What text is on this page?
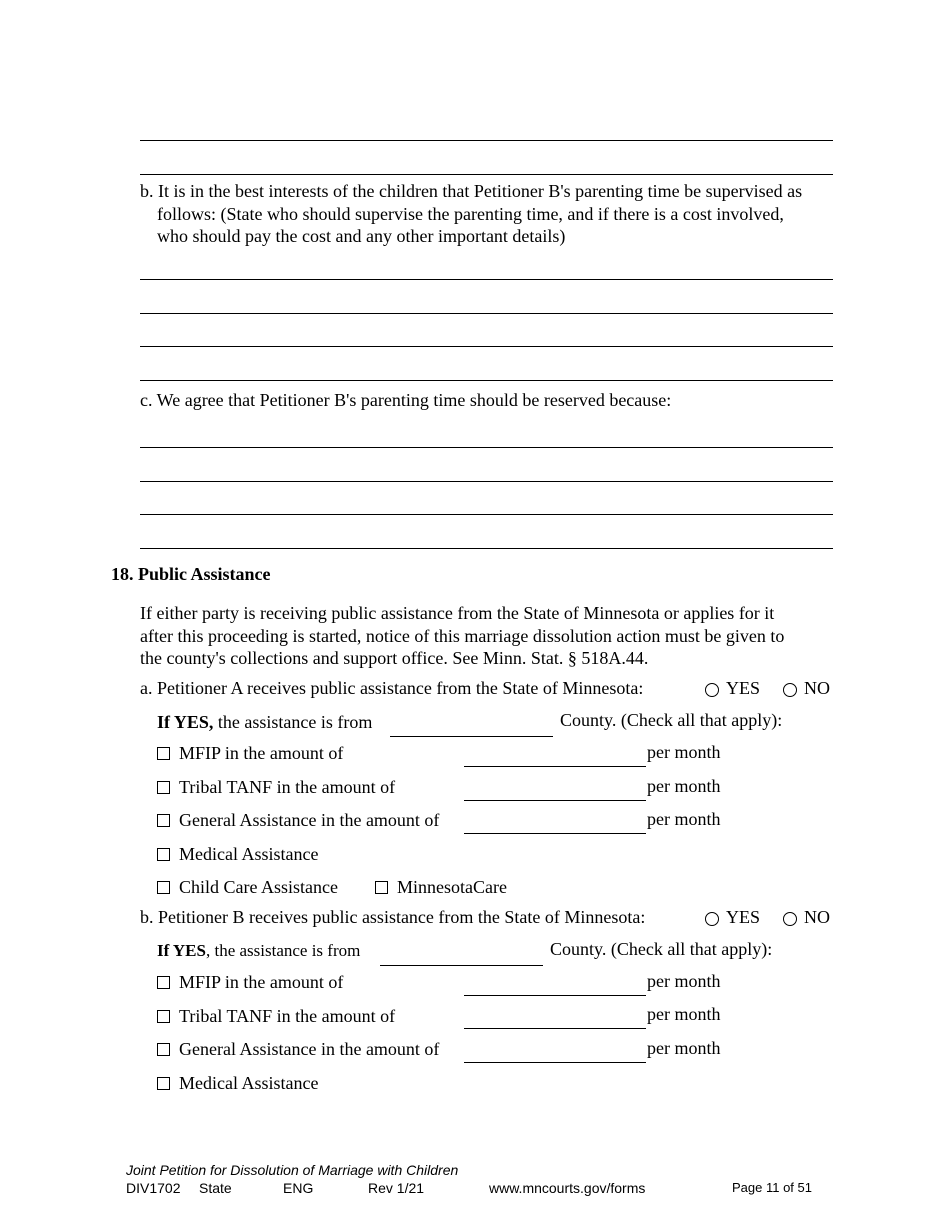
b. It is in the best interests of the children that Petitioner B's parenting time be supervised as
follows: (State who should supervise the parenting time, and if there is a cost involved,
who should pay the cost and any other important details)
c. We agree that Petitioner B's parenting time should be reserved because:
18. Public Assistance
If either party is receiving public assistance from the State of Minnesota or applies for it
after this proceeding is started, notice of this marriage dissolution action must be given to
the county's collections and support office. See Minn. Stat. § 518A.44.
a. Petitioner A receives public assistance from the State of Minnesota:	YES NO
If YES, the assistance is from	County. (Check all that apply):
MFIP in the amount of	per month
Tribal TANF in the amount of	per month
General Assistance in the amount of	per month
Medical Assistance
Child Care Assistance	MinnesotaCare
b. Petitioner B receives public assistance from the State of Minnesota:	YES NO
If YES, the assistance is from	County. (Check all that apply):
MFIP in the amount of	per month
Tribal TANF in the amount of	per month
General Assistance in the amount of	per month
Medical Assistance
Joint Petition for Dissolution of Marriage with Children
DIV1702 State	ENG	Rev 1/21	www.mncourts.gov/forms	Page 11 of 51
